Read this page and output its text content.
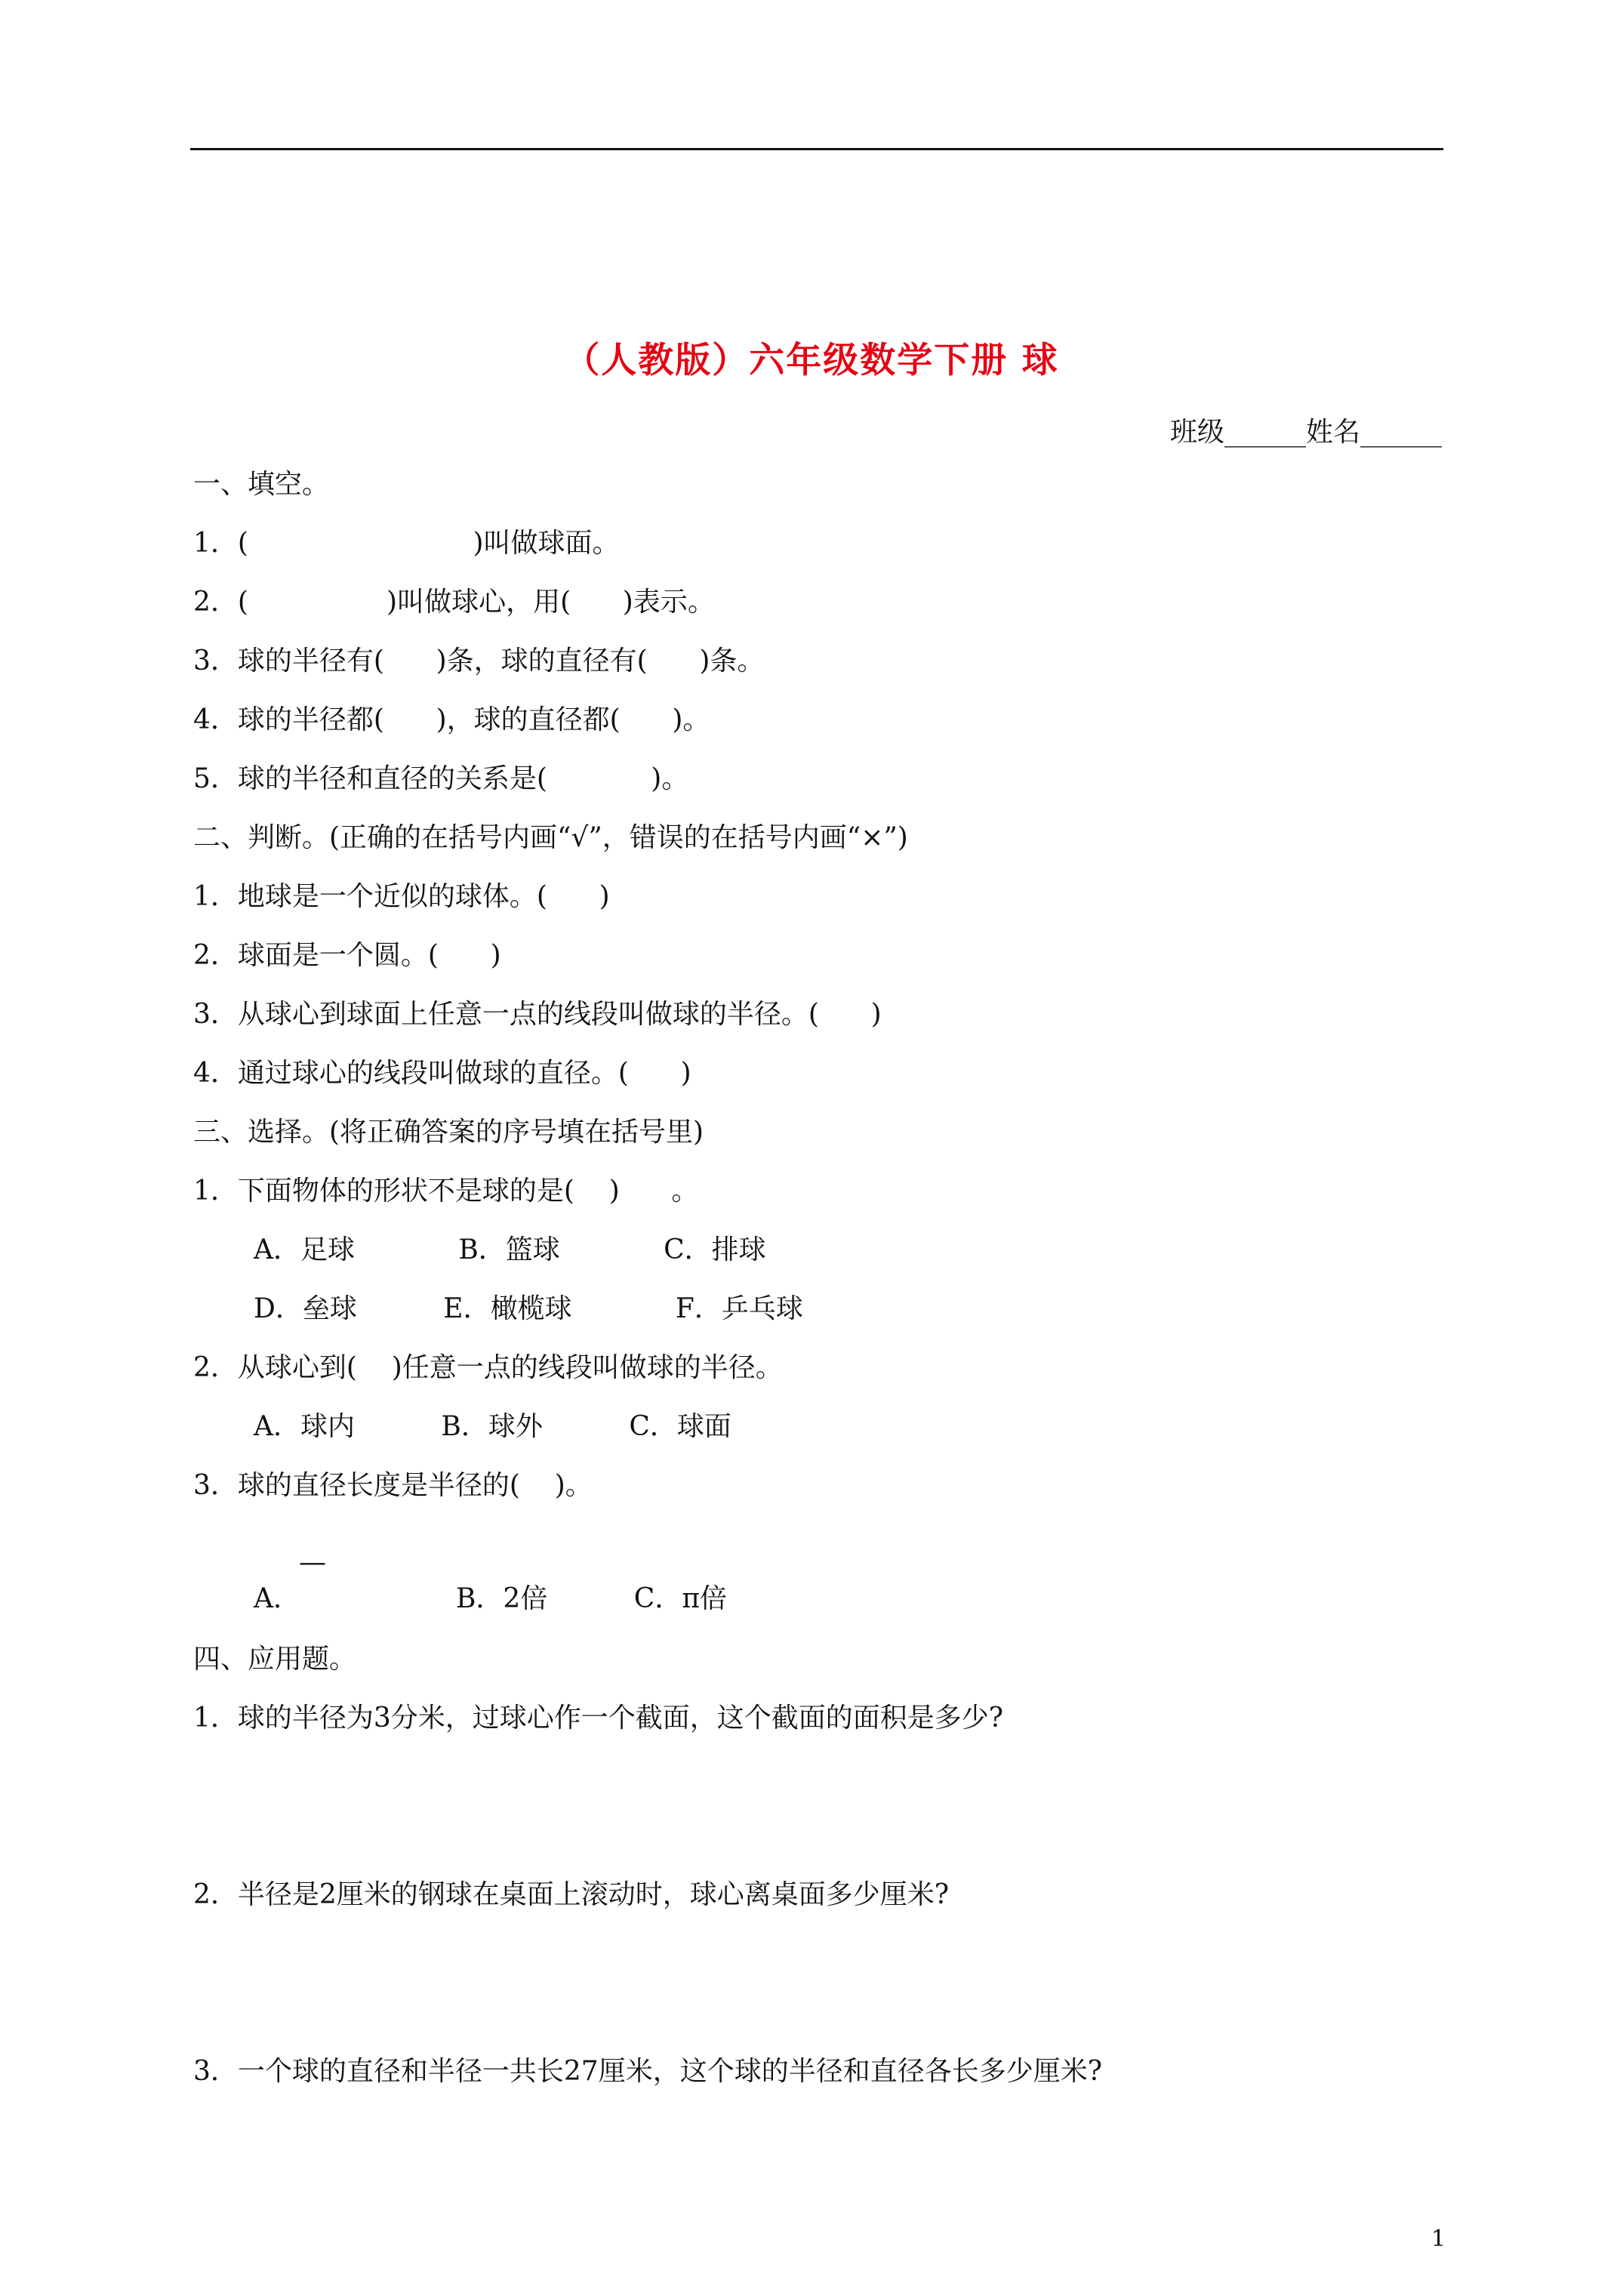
（人教版）六年级数学下册 球
班级______姓名______
一、填空。
1．(                          )叫做球面。
2．(                )叫做球心，用(      )表示。
3．球的半径有(      )条，球的直径有(      )条。
4．球的半径都(      )，球的直径都(      )。
5．球的半径和直径的关系是(            )。
二、判断。(正确的在括号内画“√”，错误的在括号内画“×”)
1．地球是一个近似的球体。(      )
2．球面是一个圆。(      )
3．从球心到球面上任意一点的线段叫做球的半径。(      )
4．通过球心的线段叫做球的直径。(      )
三、选择。(将正确答案的序号填在括号里)
1．下面物体的形状不是球的是(    )      。
A．足球            B．篮球            C．排球
D．垒球          E．橄榄球            F．乒乓球
2．从球心到(    )任意一点的线段叫做球的半径。
A．球内          B．球外          C．球面
3．球的直径长度是半径的(    )。
—
A．                  B．2倍          C．π倍
四、应用题。
1．球的半径为3分米，过球心作一个截面，这个截面的面积是多少?
2．半径是2厘米的钢球在桌面上滚动时，球心离桌面多少厘米?
3．一个球的直径和半径一共长27厘米，这个球的半径和直径各长多少厘米?
1
